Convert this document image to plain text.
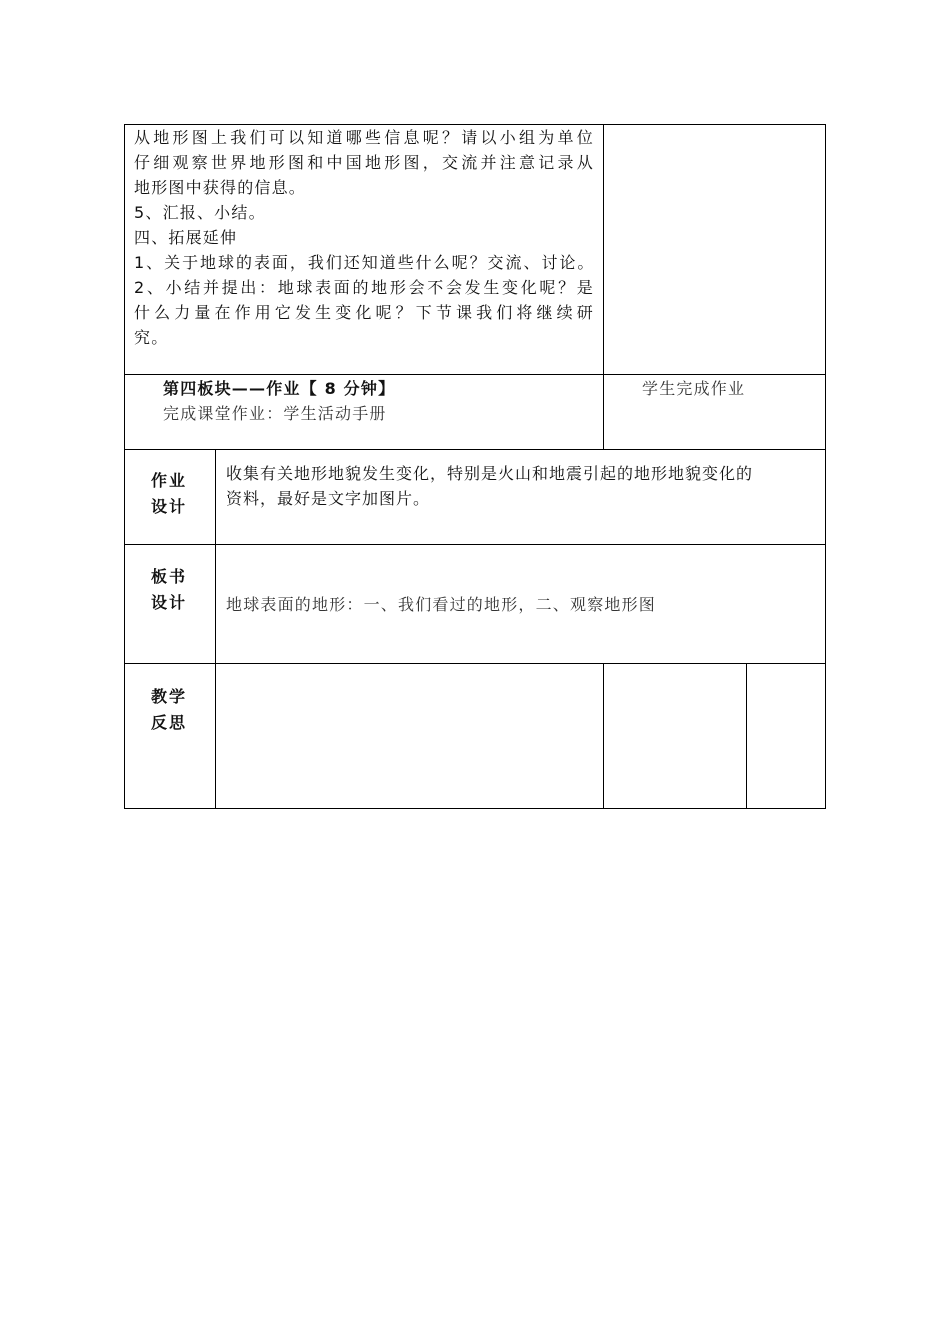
从地形图上我们可以知道哪些信息呢？请以小组为单位
仔细观察世界地形图和中国地形图，交流并注意记录从
地形图中获得的信息。
5、汇报、小结。
四、拓展延伸
1、关于地球的表面，我们还知道些什么呢？交流、讨论。
2、小结并提出：地球表面的地形会不会发生变化呢？是
什么力量在作用它发生变化呢？下节课我们将继续研
究。
第四板块——作业【 8 分钟】
完成课堂作业：学生活动手册
学生完成作业
作业
设计
收集有关地形地貌发生变化，特别是火山和地震引起的地形地貌变化的
资料，最好是文字加图片。
板书
设计	地球表面的地形：一、我们看过的地形，二、观察地形图
教学
反思
